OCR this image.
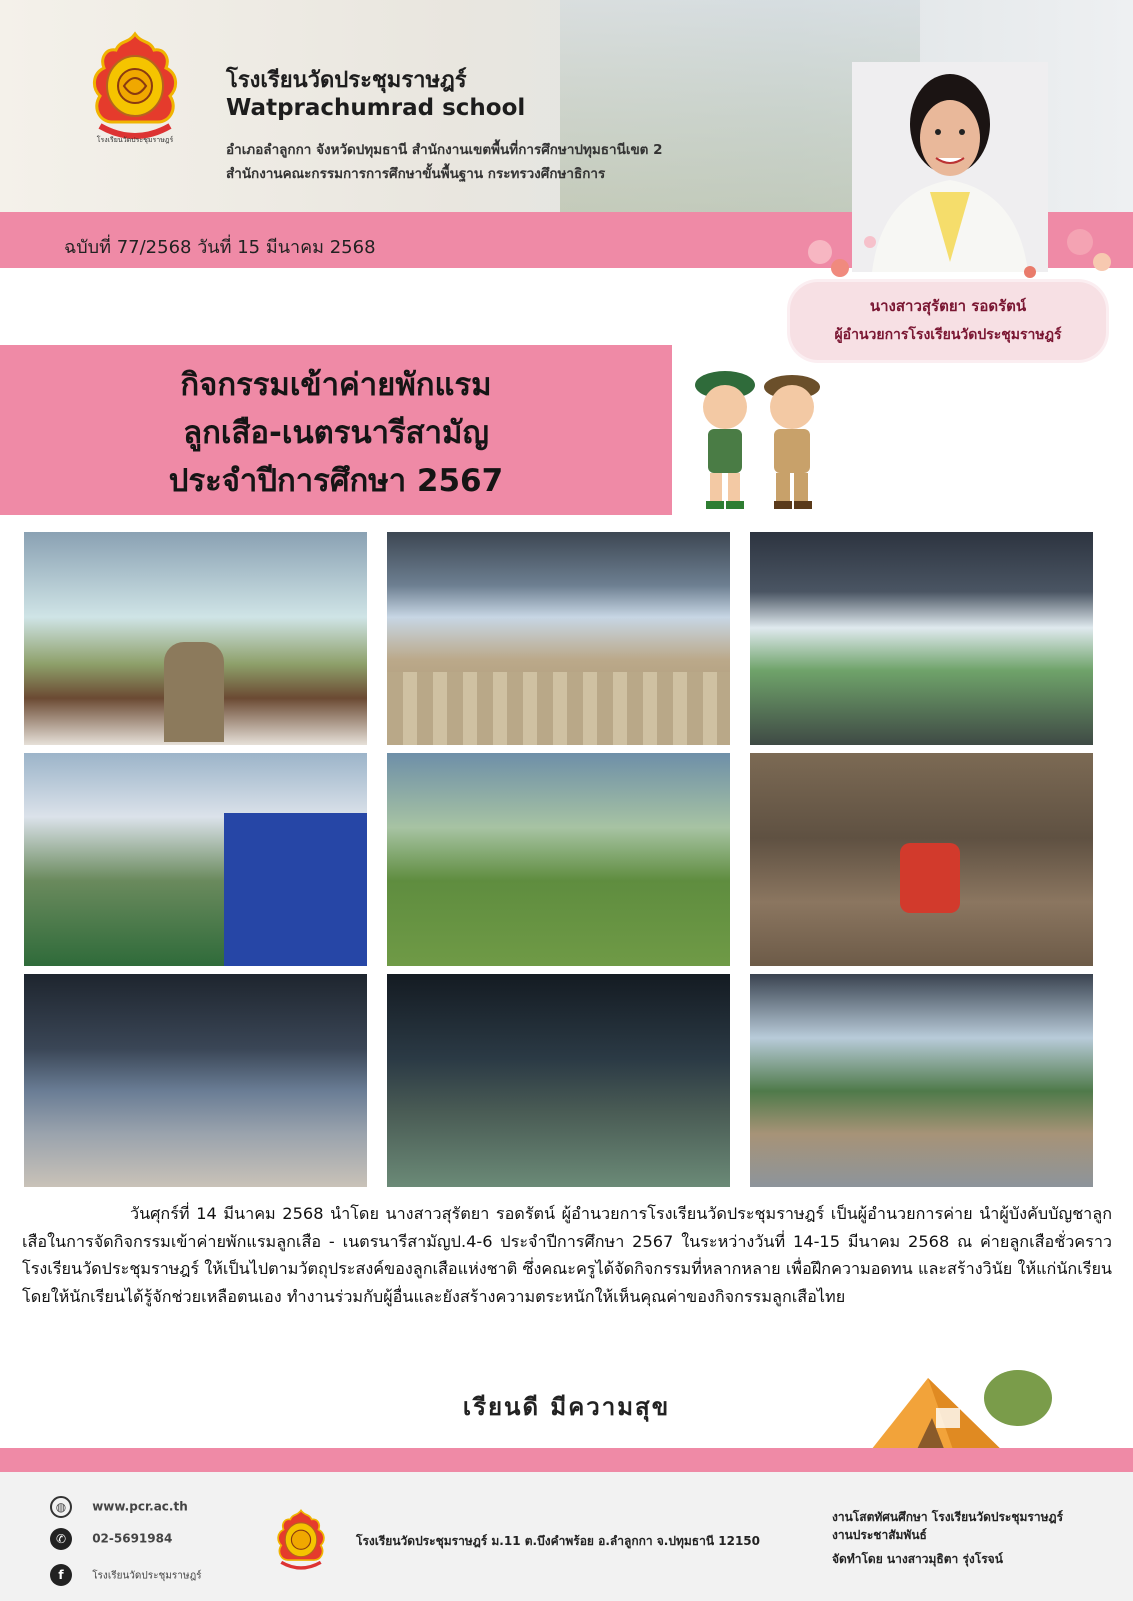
โรงเรียนวัดประชุมราษฎร์
โรงเรียนวัดประชุมราษฎร์
Watprachumrad school
อำเภอลำลูกกา จังหวัดปทุมธานี สำนักงานเขตพื้นที่การศึกษาปทุมธานีเขต 2
สำนักงานคณะกรรมการการศึกษาขั้นพื้นฐาน กระทรวงศึกษาธิการ
ฉบับที่ 77/2568 วันที่ 15 มีนาคม 2568
นางสาวสุรัตยา รอดรัตน์
ผู้อำนวยการโรงเรียนวัดประชุมราษฎร์
กิจกรรมเข้าค่ายพักแรม
ลูกเสือ-เนตรนารีสามัญ
ประจำปีการศึกษา 2567
วันศุกร์ที่ 14 มีนาคม 2568 นำโดย นางสาวสุรัตยา รอดรัตน์ ผู้อำนวยการโรงเรียนวัดประชุมราษฎร์ เป็นผู้อำนวยการค่าย นำผู้บังคับบัญชาลูกเสือในการจัดกิจกรรมเข้าค่ายพักแรมลูกเสือ - เนตรนารีสามัญป.4-6 ประจำปีการศึกษา 2567 ในระหว่างวันที่ 14-15 มีนาคม 2568 ณ ค่ายลูกเสือชั่วคราว โรงเรียนวัดประชุมราษฎร์ ให้เป็นไปตามวัตถุประสงค์ของลูกเสือแห่งชาติ ซึ่งคณะครูได้จัดกิจกรรมที่หลากหลาย เพื่อฝึกความอดทน และสร้างวินัย ให้แก่นักเรียนโดยให้นักเรียนได้รู้จักช่วยเหลือตนเอง ทำงานร่วมกับผู้อื่นและยังสร้างความตระหนักให้เห็นคุณค่าของกิจกรรมลูกเสือไทย
เรียนดี มีความสุข
◍ www.pcr.ac.th
✆ 02-5691984
f	โรงเรียนวัดประชุมราษฎร์
โรงเรียนวัดประชุมราษฎร์ ม.11 ต.บึงคำพร้อย อ.ลำลูกกา จ.ปทุมธานี 12150
งานโสตทัศนศึกษา โรงเรียนวัดประชุมราษฎร์
งานประชาสัมพันธ์
จัดทำโดย นางสาวมุธิตา รุ่งโรจน์
